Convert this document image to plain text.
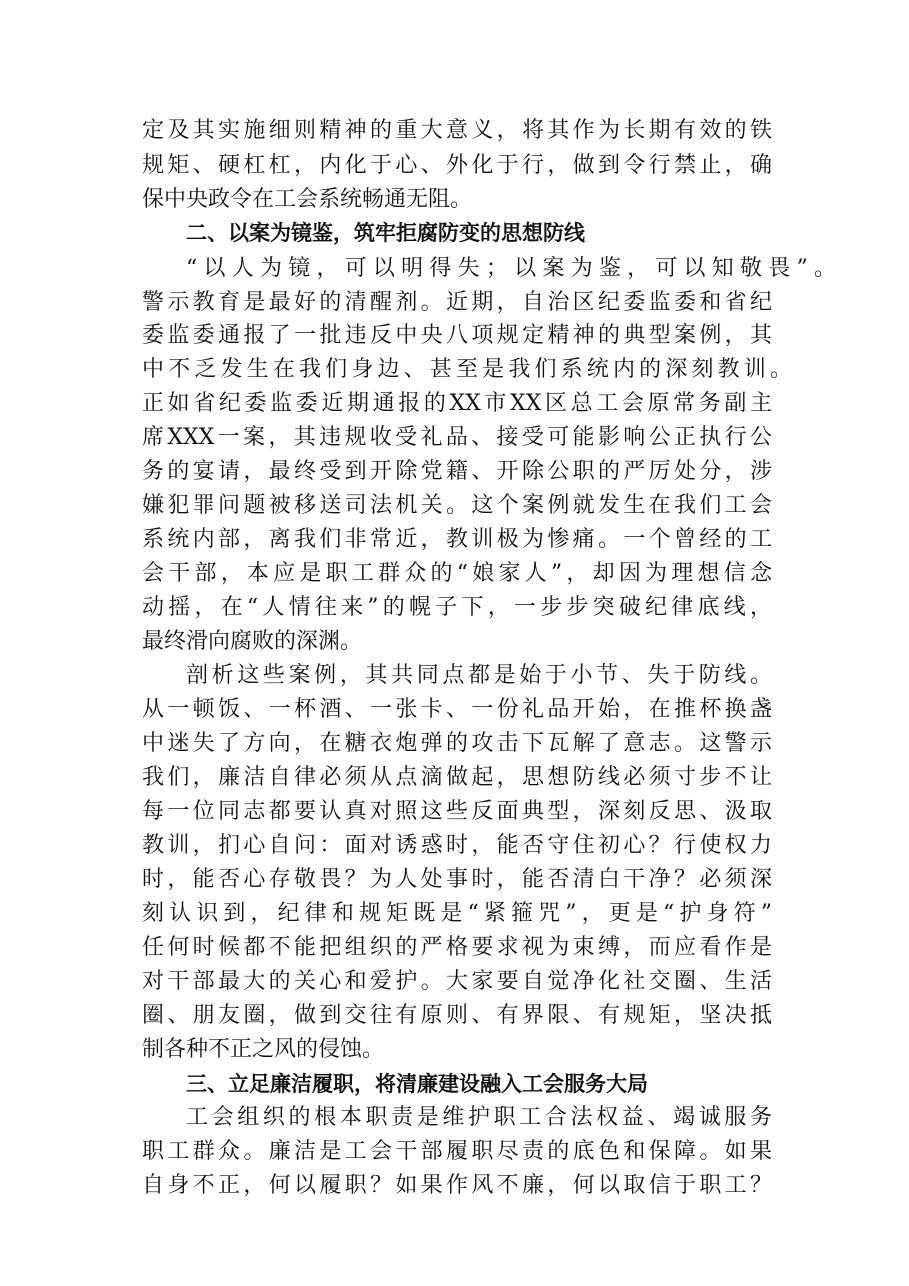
定及其实施细则精神的重大意义，将其作为长期有效的铁
规矩、硬杠杠，内化于心、外化于行，做到令行禁止，确
保中央政令在工会系统畅通无阻。
二、以案为镜鉴，筑牢拒腐防变的思想防线
“以人为镜，可以明得失；以案为鉴，可以知敬畏”。
警示教育是最好的清醒剂。近期，自治区纪委监委和省纪
委监委通报了一批违反中央八项规定精神的典型案例，其
中不乏发生在我们身边、甚至是我们系统内的深刻教训。
正如省纪委监委近期通报的XX市XX区总工会原常务副主
席XXX一案，其违规收受礼品、接受可能影响公正执行公
务的宴请，最终受到开除党籍、开除公职的严厉处分，涉
嫌犯罪问题被移送司法机关。这个案例就发生在我们工会
系统内部，离我们非常近，教训极为惨痛。一个曾经的工
会干部，本应是职工群众的“娘家人”，却因为理想信念
动摇，在“人情往来”的幌子下，一步步突破纪律底线，
最终滑向腐败的深渊。
剖析这些案例，其共同点都是始于小节、失于防线。
从一顿饭、一杯酒、一张卡、一份礼品开始，在推杯换盏
中迷失了方向，在糖衣炮弹的攻击下瓦解了意志。这警示
我们，廉洁自律必须从点滴做起，思想防线必须寸步不让
每一位同志都要认真对照这些反面典型，深刻反思、汲取
教训，扪心自问：面对诱惑时，能否守住初心？行使权力
时，能否心存敬畏？为人处事时，能否清白干净？必须深
刻认识到，纪律和规矩既是“紧箍咒”，更是“护身符”
任何时候都不能把组织的严格要求视为束缚，而应看作是
对干部最大的关心和爱护。大家要自觉净化社交圈、生活
圈、朋友圈，做到交往有原则、有界限、有规矩，坚决抵
制各种不正之风的侵蚀。
三、立足廉洁履职，将清廉建设融入工会服务大局
工会组织的根本职责是维护职工合法权益、竭诚服务
职工群众。廉洁是工会干部履职尽责的底色和保障。如果
自身不正，何以履职？如果作风不廉，何以取信于职工？
